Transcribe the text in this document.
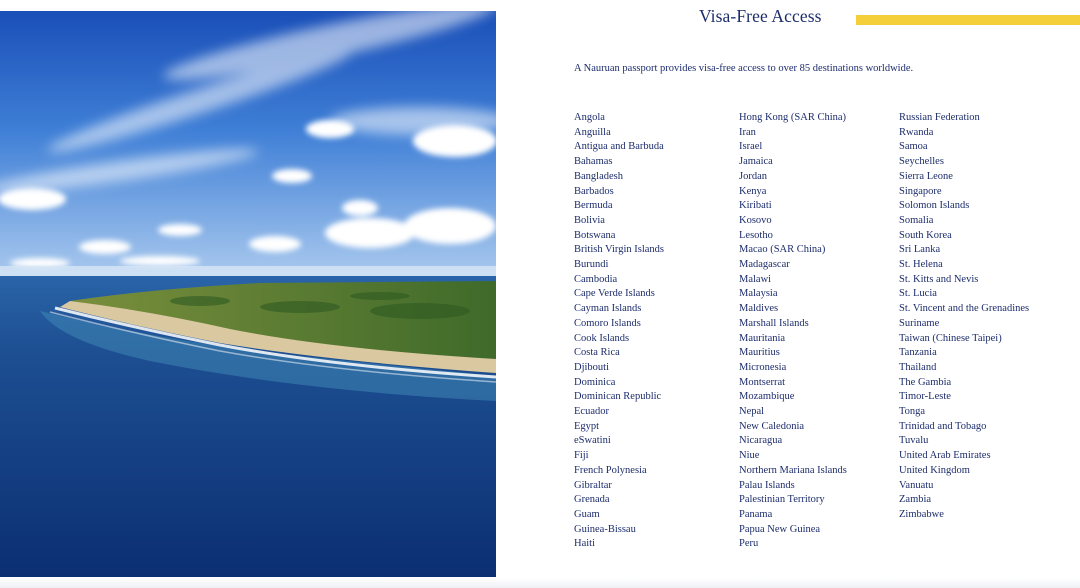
Visa-Free Access
A Nauruan passport provides visa-free access to over 85 destinations worldwide.
Angola
Anguilla
Antigua and Barbuda
Bahamas
Bangladesh
Barbados
Bermuda
Bolivia
Botswana
British Virgin Islands
Burundi
Cambodia
Cape Verde Islands
Cayman Islands
Comoro Islands
Cook Islands
Costa Rica
Djibouti
Dominica
Dominican Republic
Ecuador
Egypt
eSwatini
Fiji
French Polynesia
Gibraltar
Grenada
Guam
Guinea-Bissau
Haiti
Hong Kong (SAR China)
Iran
Israel
Jamaica
Jordan
Kenya
Kiribati
Kosovo
Lesotho
Macao (SAR China)
Madagascar
Malawi
Malaysia
Maldives
Marshall Islands
Mauritania
Mauritius
Micronesia
Montserrat
Mozambique
Nepal
New Caledonia
Nicaragua
Niue
Northern Mariana Islands
Palau Islands
Palestinian Territory
Panama
Papua New Guinea
Peru
Russian Federation
Rwanda
Samoa
Seychelles
Sierra Leone
Singapore
Solomon Islands
Somalia
South Korea
Sri Lanka
St. Helena
St. Kitts and Nevis
St. Lucia
St. Vincent and the Grenadines
Suriname
Taiwan (Chinese Taipei)
Tanzania
Thailand
The Gambia
Timor-Leste
Tonga
Trinidad and Tobago
Tuvalu
United Arab Emirates
United Kingdom
Vanuatu
Zambia
Zimbabwe
